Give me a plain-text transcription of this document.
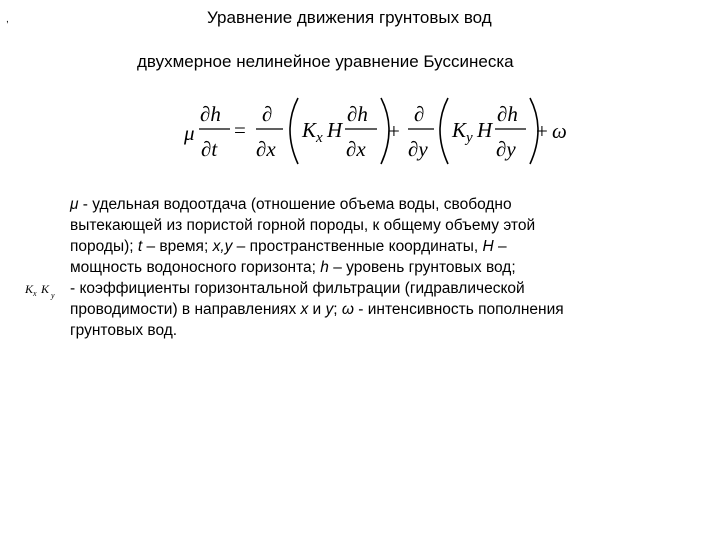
,	Уравнение движения грунтовых вод
двухмерное нелинейное уравнение Буссинеска
μ
∂h
∂t
=
∂
∂x
K x H
∂h
∂x
+
∂
∂y
K y H
∂h
∂y
+ ω
K x K y
μ - удельная водоотдача (отношение объема воды, свободно
вытекающей из пористой горной породы, к общему объему этой
породы); t – время; x,y – пространственные координаты, H –
мощность водоносного горизонта; h – уровень грунтовых вод;
- коэффициенты горизонтальной фильтрации (гидравлической
проводимости) в направлениях x и y; ω - интенсивность пополнения
грунтовых вод.
